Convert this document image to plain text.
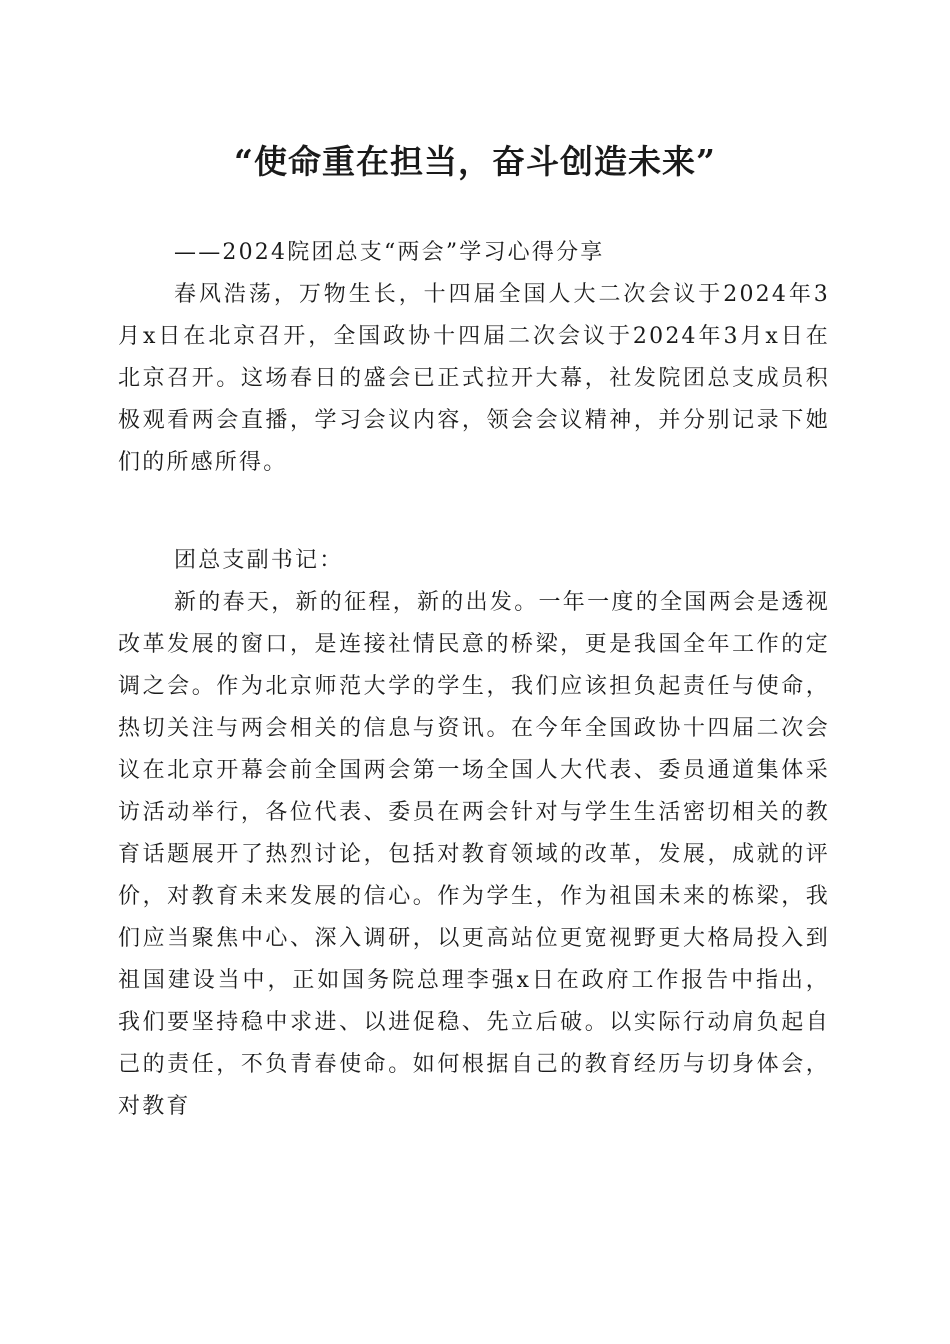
“使命重在担当，奋斗创造未来”

——2024院团总支“两会”学习心得分享

春风浩荡，万物生长，十四届全国人大二次会议于2024年3月x日在北京召开，全国政协十四届二次会议于2024年3月x日在北京召开。这场春日的盛会已正式拉开大幕，社发院团总支成员积极观看两会直播，学习会议内容，领会会议精神，并分别记录下她们的所感所得。

团总支副书记：

新的春天，新的征程，新的出发。一年一度的全国两会是透视改革发展的窗口，是连接社情民意的桥梁，更是我国全年工作的定调之会。作为北京师范大学的学生，我们应该担负起责任与使命，热切关注与两会相关的信息与资讯。在今年全国政协十四届二次会议在北京开幕会前全国两会第一场全国人大代表、委员通道集体采访活动举行，各位代表、委员在两会针对与学生生活密切相关的教育话题展开了热烈讨论，包括对教育领域的改革，发展，成就的评价，对教育未来发展的信心。作为学生，作为祖国未来的栋梁，我们应当聚焦中心、深入调研，以更高站位更宽视野更大格局投入到祖国建设当中，正如国务院总理李强x日在政府工作报告中指出，我们要坚持稳中求进、以进促稳、先立后破。以实际行动肩负起自己的责任，不负青春使命。如何根据自己的教育经历与切身体会，对教育
